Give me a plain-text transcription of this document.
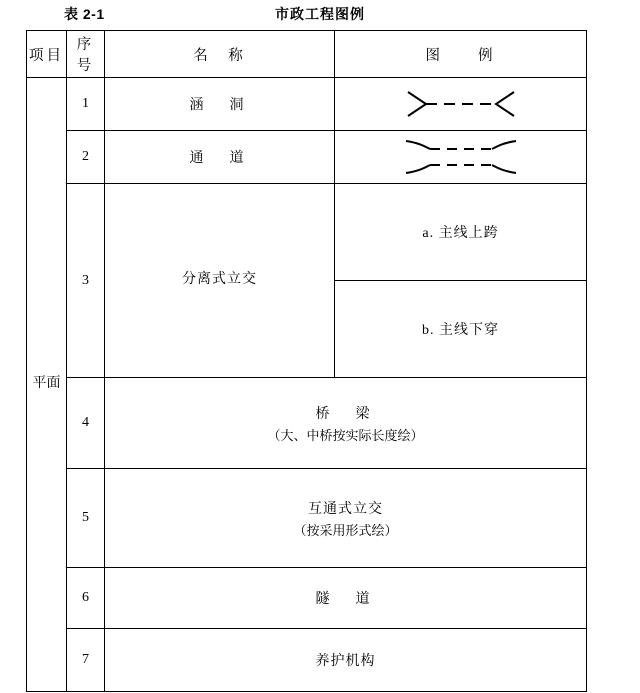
表 2-1	市政工程图例
项目	序号	名　称	图　　例	

平面	1	涵　洞	

	2	通　道	

	3	分离式立交	a. 主线上跨	

			b. 主线下穿	

	4	桥　梁
（大、中桥按实际长度绘）

	5	互通式立交
（按采用形式绘）

	6	隧　道	

	7	养护机构	
